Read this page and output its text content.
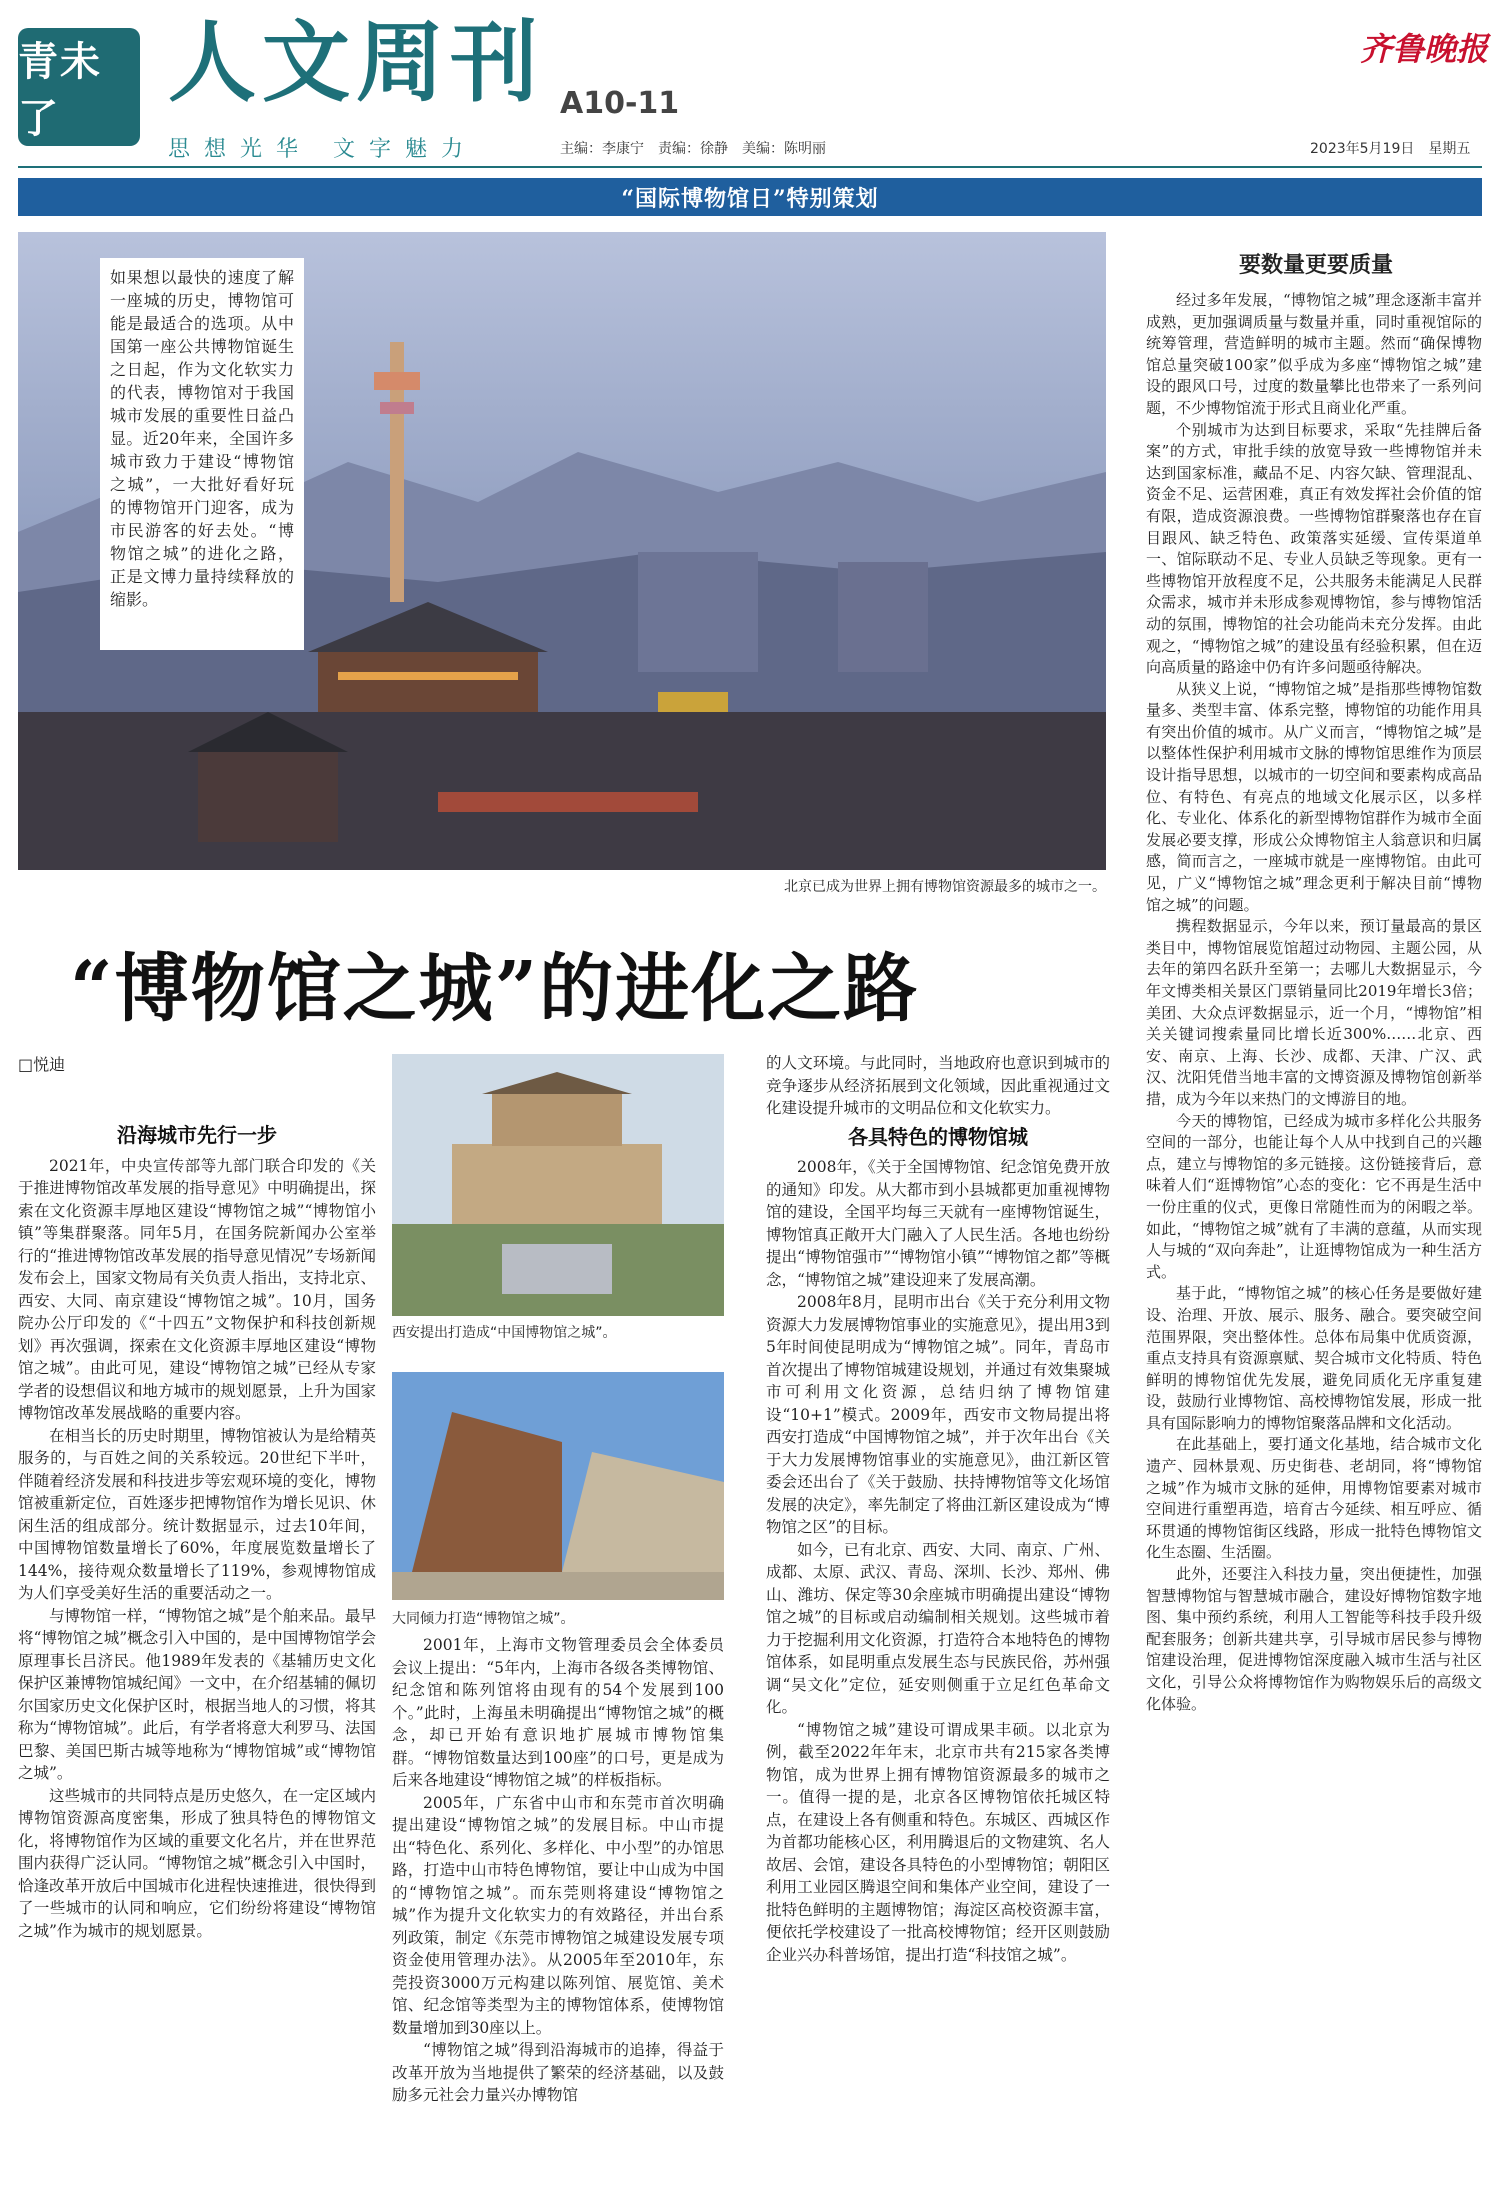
青未了
人文周刊 A10-11
思想光华 文字魅力
齐鲁晚报
主编：李康宁　责编：徐静　美编：陈明丽	2023年5月19日　星期五
“国际博物馆日”特别策划
如果想以最快的速度了解一座城的历史，博物馆可能是最适合的选项。从中国第一座公共博物馆诞生之日起，作为文化软实力的代表，博物馆对于我国城市发展的重要性日益凸显。近20年来，全国许多城市致力于建设“博物馆之城”，一大批好看好玩的博物馆开门迎客，成为市民游客的好去处。“博物馆之城”的进化之路，正是文博力量持续释放的缩影。
北京已成为世界上拥有博物馆资源最多的城市之一。
“博物馆之城”的进化之路
□悦迪
沿海城市先行一步

2021年，中央宣传部等九部门联合印发的《关于推进博物馆改革发展的指导意见》中明确提出，探索在文化资源丰厚地区建设“博物馆之城”“博物馆小镇”等集群聚落。同年5月，在国务院新闻办公室举行的“推进博物馆改革发展的指导意见情况”专场新闻发布会上，国家文物局有关负责人指出，支持北京、西安、大同、南京建设“博物馆之城”。10月，国务院办公厅印发的《“十四五”文物保护和科技创新规划》再次强调，探索在文化资源丰厚地区建设“博物馆之城”。由此可见，建设“博物馆之城”已经从专家学者的设想倡议和地方城市的规划愿景，上升为国家博物馆改革发展战略的重要内容。

在相当长的历史时期里，博物馆被认为是给精英服务的，与百姓之间的关系较远。20世纪下半叶，伴随着经济发展和科技进步等宏观环境的变化，博物馆被重新定位，百姓逐步把博物馆作为增长见识、休闲生活的组成部分。统计数据显示，过去10年间，中国博物馆数量增长了60%，年度展览数量增长了144%，接待观众数量增长了119%，参观博物馆成为人们享受美好生活的重要活动之一。

与博物馆一样，“博物馆之城”是个舶来品。最早将“博物馆之城”概念引入中国的，是中国博物馆学会原理事长吕济民。他1989年发表的《基辅历史文化保护区兼博物馆城纪闻》一文中，在介绍基辅的佩切尔国家历史文化保护区时，根据当地人的习惯，将其称为“博物馆城”。此后，有学者将意大利罗马、法国巴黎、美国巴斯古城等地称为“博物馆城”或“博物馆之城”。

这些城市的共同特点是历史悠久，在一定区域内博物馆资源高度密集，形成了独具特色的博物馆文化，将博物馆作为区域的重要文化名片，并在世界范围内获得广泛认同。“博物馆之城”概念引入中国时，恰逢改革开放后中国城市化进程快速推进，很快得到了一些城市的认同和响应，它们纷纷将建设“博物馆之城”作为城市的规划愿景。

西安提出打造成“中国博物馆之城”。
大同倾力打造“博物馆之城”。

2001年，上海市文物管理委员会全体委员会议上提出：“5年内，上海市各级各类博物馆、纪念馆和陈列馆将由现有的54个发展到100个。”此时，上海虽未明确提出“博物馆之城”的概念，却已开始有意识地扩展城市博物馆集群。“博物馆数量达到100座”的口号，更是成为后来各地建设“博物馆之城”的样板指标。

2005年，广东省中山市和东莞市首次明确提出建设“博物馆之城”的发展目标。中山市提出“特色化、系列化、多样化、中小型”的办馆思路，打造中山市特色博物馆，要让中山成为中国的“博物馆之城”。而东莞则将建设“博物馆之城”作为提升文化软实力的有效路径，并出台系列政策，制定《东莞市博物馆之城建设发展专项资金使用管理办法》。从2005年至2010年，东莞投资3000万元构建以陈列馆、展览馆、美术馆、纪念馆等类型为主的博物馆体系，使博物馆数量增加到30座以上。

“博物馆之城”得到沿海城市的追捧，得益于改革开放为当地提供了繁荣的经济基础，以及鼓励多元社会力量兴办博物馆

的人文环境。与此同时，当地政府也意识到城市的竞争逐步从经济拓展到文化领域，因此重视通过文化建设提升城市的文明品位和文化软实力。

各具特色的博物馆城

2008年，《关于全国博物馆、纪念馆免费开放的通知》印发。从大都市到小县城都更加重视博物馆的建设，全国平均每三天就有一座博物馆诞生，博物馆真正敞开大门融入了人民生活。各地也纷纷提出“博物馆强市”“博物馆小镇”“博物馆之都”等概念，“博物馆之城”建设迎来了发展高潮。

2008年8月，昆明市出台《关于充分利用文物资源大力发展博物馆事业的实施意见》，提出用3到5年时间使昆明成为“博物馆之城”。同年，青岛市首次提出了博物馆城建设规划，并通过有效集聚城市可利用文化资源，总结归纳了博物馆建设“10+1”模式。2009年，西安市文物局提出将西安打造成“中国博物馆之城”，并于次年出台《关于大力发展博物馆事业的实施意见》，曲江新区管委会还出台了《关于鼓励、扶持博物馆等文化场馆发展的决定》，率先制定了将曲江新区建设成为“博物馆之区”的目标。

如今，已有北京、西安、大同、南京、广州、成都、太原、武汉、青岛、深圳、长沙、郑州、佛山、潍坊、保定等30余座城市明确提出建设“博物馆之城”的目标或启动编制相关规划。这些城市着力于挖掘利用文化资源，打造符合本地特色的博物馆体系，如昆明重点发展生态与民族民俗，苏州强调“吴文化”定位，延安则侧重于立足红色革命文化。

“博物馆之城”建设可谓成果丰硕。以北京为例，截至2022年年末，北京市共有215家各类博物馆，成为世界上拥有博物馆资源最多的城市之一。值得一提的是，北京各区博物馆依托城区特点，在建设上各有侧重和特色。东城区、西城区作为首都功能核心区，利用腾退后的文物建筑、名人故居、会馆，建设各具特色的小型博物馆；朝阳区利用工业园区腾退空间和集体产业空间，建设了一批特色鲜明的主题博物馆；海淀区高校资源丰富，便依托学校建设了一批高校博物馆；经开区则鼓励企业兴办科普场馆，提出打造“科技馆之城”。

要数量更要质量

经过多年发展，“博物馆之城”理念逐渐丰富并成熟，更加强调质量与数量并重，同时重视馆际的统筹管理，营造鲜明的城市主题。然而“确保博物馆总量突破100家”似乎成为多座“博物馆之城”建设的跟风口号，过度的数量攀比也带来了一系列问题，不少博物馆流于形式且商业化严重。

个别城市为达到目标要求，采取“先挂牌后备案”的方式，审批手续的放宽导致一些博物馆并未达到国家标准，藏品不足、内容欠缺、管理混乱、资金不足、运营困难，真正有效发挥社会价值的馆有限，造成资源浪费。一些博物馆群聚落也存在盲目跟风、缺乏特色、政策落实延缓、宣传渠道单一、馆际联动不足、专业人员缺乏等现象。更有一些博物馆开放程度不足，公共服务未能满足人民群众需求，城市并未形成参观博物馆，参与博物馆活动的氛围，博物馆的社会功能尚未充分发挥。由此观之，“博物馆之城”的建设虽有经验积累，但在迈向高质量的路途中仍有许多问题亟待解决。

从狭义上说，“博物馆之城”是指那些博物馆数量多、类型丰富、体系完整，博物馆的功能作用具有突出价值的城市。从广义而言，“博物馆之城”是以整体性保护利用城市文脉的博物馆思维作为顶层设计指导思想，以城市的一切空间和要素构成高品位、有特色、有亮点的地域文化展示区，以多样化、专业化、体系化的新型博物馆群作为城市全面发展必要支撑，形成公众博物馆主人翁意识和归属感，简而言之，一座城市就是一座博物馆。由此可见，广义“博物馆之城”理念更利于解决目前“博物馆之城”的问题。

携程数据显示，今年以来，预订量最高的景区类目中，博物馆展览馆超过动物园、主题公园，从去年的第四名跃升至第一；去哪儿大数据显示，今年文博类相关景区门票销量同比2019年增长3倍；美团、大众点评数据显示，近一个月，“博物馆”相关关键词搜索量同比增长近300%……北京、西安、南京、上海、长沙、成都、天津、广汉、武汉、沈阳凭借当地丰富的文博资源及博物馆创新举措，成为今年以来热门的文博游目的地。

今天的博物馆，已经成为城市多样化公共服务空间的一部分，也能让每个人从中找到自己的兴趣点，建立与博物馆的多元链接。这份链接背后，意味着人们“逛博物馆”心态的变化：它不再是生活中一份庄重的仪式，更像日常随性而为的闲暇之举。如此，“博物馆之城”就有了丰满的意蕴，从而实现人与城的“双向奔赴”，让逛博物馆成为一种生活方式。

基于此，“博物馆之城”的核心任务是要做好建设、治理、开放、展示、服务、融合。要突破空间范围界限，突出整体性。总体布局集中优质资源，重点支持具有资源禀赋、契合城市文化特质、特色鲜明的博物馆优先发展，避免同质化无序重复建设，鼓励行业博物馆、高校博物馆发展，形成一批具有国际影响力的博物馆聚落品牌和文化活动。

在此基础上，要打通文化基地，结合城市文化遗产、园林景观、历史街巷、老胡同，将“博物馆之城”作为城市文脉的延伸，用博物馆要素对城市空间进行重塑再造，培育古今延续、相互呼应、循环贯通的博物馆街区线路，形成一批特色博物馆文化生态圈、生活圈。

此外，还要注入科技力量，突出便捷性，加强智慧博物馆与智慧城市融合，建设好博物馆数字地图、集中预约系统，利用人工智能等科技手段升级配套服务；创新共建共享，引导城市居民参与博物馆建设治理，促进博物馆深度融入城市生活与社区文化，引导公众将博物馆作为购物娱乐后的高级文化体验。
